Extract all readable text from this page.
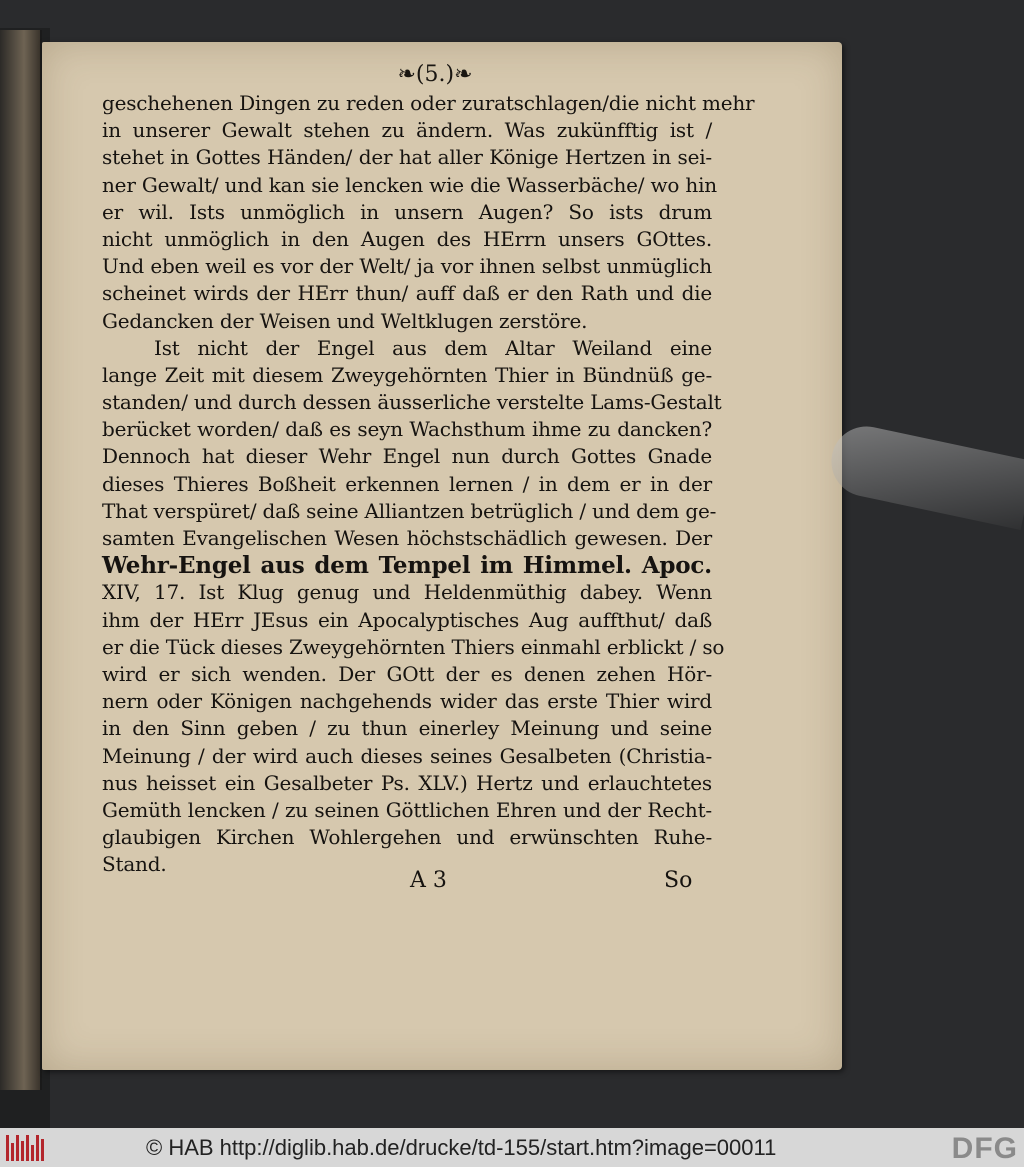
❧(5.)❧
geschehenen Dingen zu reden oder zuratschlagen/die nicht mehr
in unserer Gewalt stehen zu ändern. Was zukünfftig ist /
stehet in Gottes Händen/ der hat aller Könige Hertzen in sei-
ner Gewalt/ und kan sie lencken wie die Wasserbäche/ wo hin
er wil. Ists unmöglich in unsern Augen? So ists drum
nicht unmöglich in den Augen des HErrn unsers GOttes.
Und eben weil es vor der Welt/ ja vor ihnen selbst unmüglich
scheinet wirds der HErr thun/ auff daß er den Rath und die
Gedancken der Weisen und Weltklugen zerstöre.
Ist nicht der Engel aus dem Altar Weiland eine
lange Zeit mit diesem Zweygehörnten Thier in Bündnüß ge-
standen/ und durch dessen äusserliche verstelte Lams-Gestalt
berücket worden/ daß es seyn Wachsthum ihme zu dancken?
Dennoch hat dieser Wehr Engel nun durch Gottes Gnade
dieses Thieres Boßheit erkennen lernen / in dem er in der
That verspüret/ daß seine Alliantzen betrüglich / und dem ge-
samten Evangelischen Wesen höchstschädlich gewesen. Der
Wehr-Engel aus dem Tempel im Himmel. Apoc.
XIV, 17. Ist Klug genug und Heldenmüthig dabey. Wenn
ihm der HErr JEsus ein Apocalyptisches Aug auffthut/ daß
er die Tück dieses Zweygehörnten Thiers einmahl erblickt / so
wird er sich wenden. Der GOtt der es denen zehen Hör-
nern oder Königen nachgehends wider das erste Thier wird
in den Sinn geben / zu thun einerley Meinung und seine
Meinung / der wird auch dieses seines Gesalbeten (Christia-
nus heisset ein Gesalbeter Ps. XLV.) Hertz und erlauchtetes
Gemüth lencken / zu seinen Göttlichen Ehren und der Recht-
glaubigen Kirchen Wohlergehen und erwünschten Ruhe-
Stand.
A 3	So
© HAB http://diglib.hab.de/drucke/td-155/start.htm?image=00011	DFG
